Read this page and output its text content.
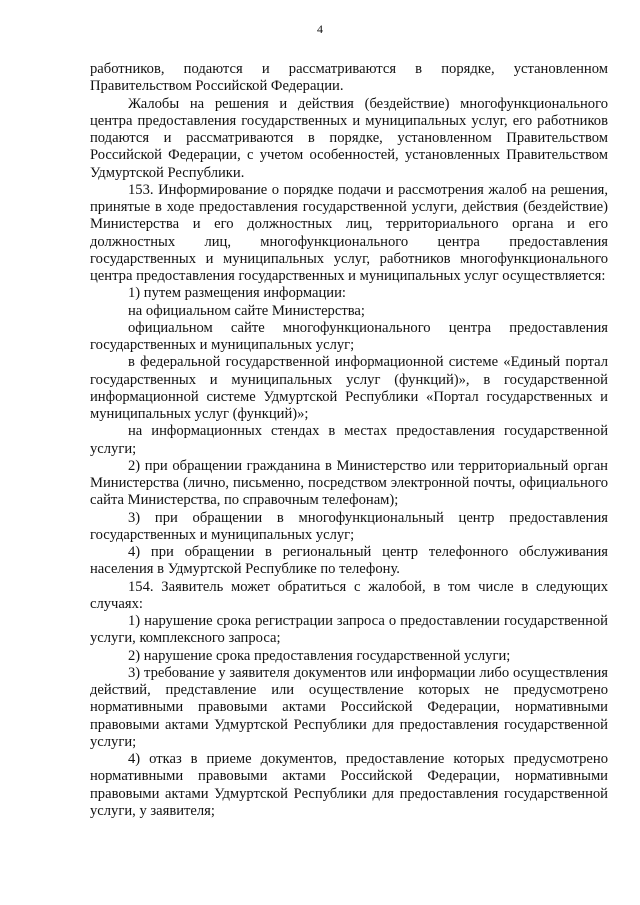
4

работников, подаются и рассматриваются в порядке, установленном Правительством Российской Федерации.

Жалобы на решения и действия (бездействие) многофункционального центра предоставления государственных и муниципальных услуг, его работников подаются и рассматриваются в порядке, установленном Правительством Российской Федерации, с учетом особенностей, установленных Правительством Удмуртской Республики.

153. Информирование о порядке подачи и рассмотрения жалоб на решения, принятые в ходе предоставления государственной услуги, действия (бездействие) Министерства и его должностных лиц, территориального органа и его должностных лиц, многофункционального центра предоставления государственных и муниципальных услуг, работников многофункционального центра предоставления государственных и муниципальных услуг осуществляется:

1) путем размещения информации:

на официальном сайте Министерства;

официальном сайте многофункционального центра предоставления государственных и муниципальных услуг;

в федеральной государственной информационной системе «Единый портал государственных и муниципальных услуг (функций)», в государственной информационной системе Удмуртской Республики «Портал государственных и муниципальных услуг (функций)»;

на информационных стендах в местах предоставления государственной услуги;

2) при обращении гражданина в Министерство или территориальный орган Министерства (лично, письменно, посредством электронной почты, официального сайта Министерства, по справочным телефонам);

3) при обращении в многофункциональный центр предоставления государственных и муниципальных услуг;

4) при обращении в региональный центр телефонного обслуживания населения в Удмуртской Республике по телефону.

154. Заявитель может обратиться с жалобой, в том числе в следующих случаях:

1) нарушение срока регистрации запроса о предоставлении государственной услуги, комплексного запроса;

2) нарушение срока предоставления государственной услуги;

3) требование у заявителя документов или информации либо осуществления действий, представление или осуществление которых не предусмотрено нормативными правовыми актами Российской Федерации, нормативными правовыми актами Удмуртской Республики для предоставления государственной услуги;

4) отказ в приеме документов, предоставление которых предусмотрено нормативными правовыми актами Российской Федерации, нормативными правовыми актами Удмуртской Республики для предоставления государственной услуги, у заявителя;
